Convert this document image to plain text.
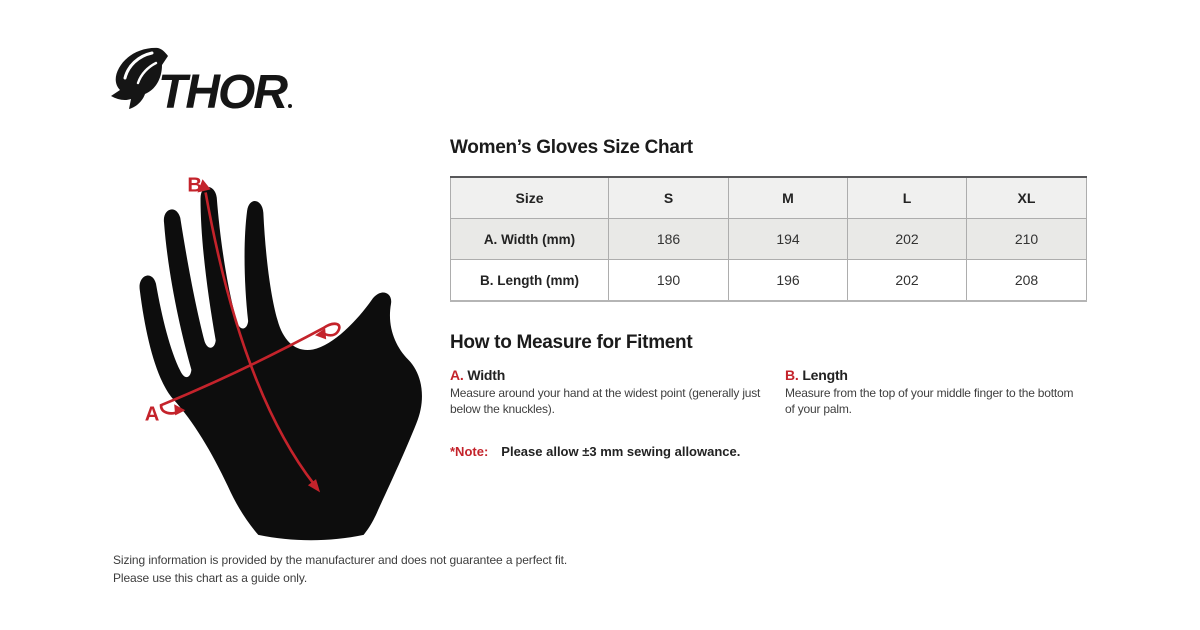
THOR
B
A
Women’s Gloves Size Chart
Size	S	M	L	XL
A. Width (mm)	186	194	202	210
B. Length (mm)	190	196	202	208
How to Measure for Fitment
A. Width
Measure around your hand at the widest point (generally just below the knuckles).
B. Length
Measure from the top of your middle finger to the bottom of your palm.
*Note: Please allow ±3 mm sewing allowance.
Sizing information is provided by the manufacturer and does not guarantee a perfect fit.
Please use this chart as a guide only.
